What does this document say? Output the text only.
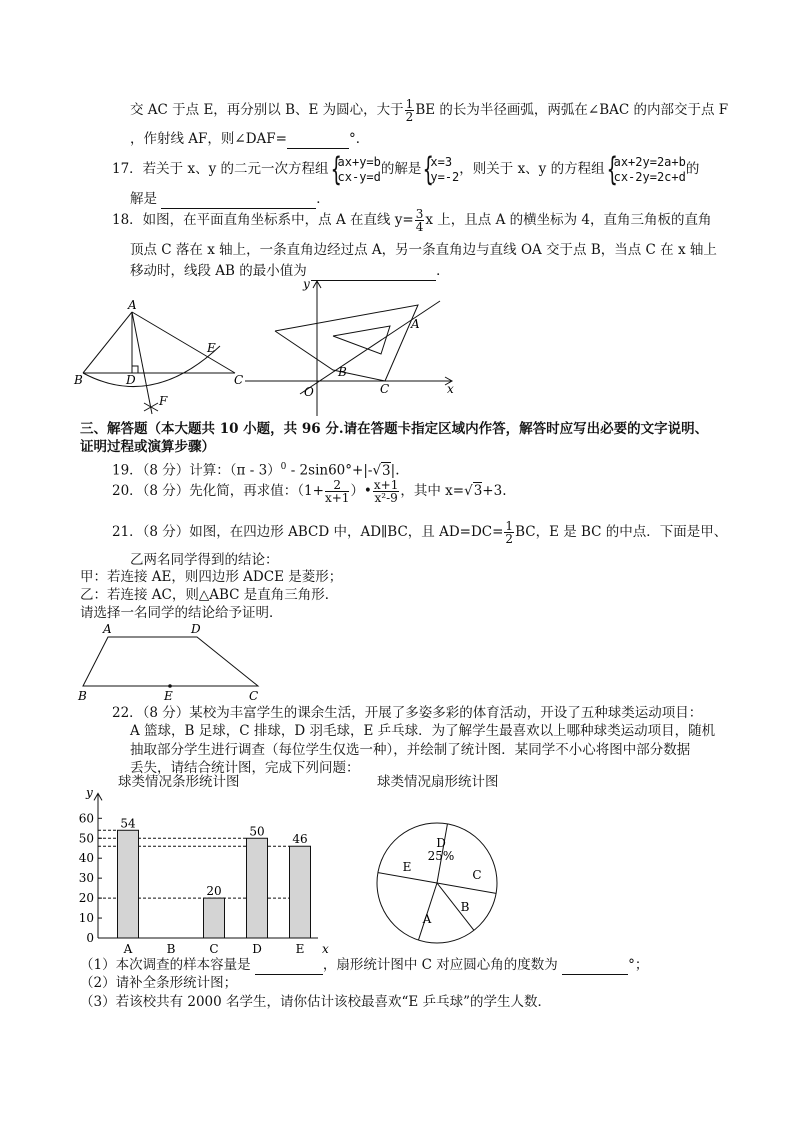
交 AC 于点 E，再分别以 B、E 为圆心，大于 $\frac{1}{2}$ BE 的长为半径画弧，两弧在∠BAC 的内部交于点 F
，作射线 AF，则∠DAF=	°．
17．若关于 x、y 的二元一次方程组 { ax+y=b
cx-y=d 的解是 { x=3
y=-2 ，则关于 x、y 的方程组 { ax+2y=2a+b
cx-2y=2c+d 的
解是	．
18．如图，在平面直角坐标系中，点 A 在直线 $y= \frac{3}{4}$ x 上，且点 A 的横坐标为 4，直角三角板的直角
顶点 C 落在 x 轴上，一条直角边经过点 A，另一条直角边与直线 OA 交于点 B，当点 C 在 x 轴上
移动时，线段 AB 的最小值为	．
A
B	C
D
E
F
y
x
O
A
B
C
三、解答题（本大题共 10 小题，共 96 分.请在答题卡指定区域内作答，解答时应写出必要的文字说明、
证明过程或演算步骤）
19．（8 分）计算：（π - 3）$^0$ - 2sin60°+|-√3|.
20．（8 分）先化简，再求值：（$1+ \frac{2}{x+1}$ ）• $\frac{x+1}{\text{x²-9}}$ ，其中 x=√3+3.
21．（8 分）如图，在四边形 ABCD 中，AD∥BC，且 $AD=DC= \frac{1}{2}$ BC，E 是 BC 的中点．下面是甲、
乙两名同学得到的结论：
甲：若连接 AE，则四边形 ADCE 是菱形；
乙：若连接 AC，则△ABC 是直角三角形．
请选择一名同学的结论给予证明．
A	D
B	E	C
22．（8 分）某校为丰富学生的课余生活，开展了多姿多彩的体育活动，开设了五种球类运动项目：
A 篮球，B 足球，C 排球，D 羽毛球，E 乒乓球．为了解学生最喜欢以上哪种球类运动项目，随机
抽取部分学生进行调查（每位学生仅选一种），并绘制了统计图．某同学不小心将图中部分数据
丢失，请结合统计图，完成下列问题：
球类情况条形统计图
y
x
0
10
20
30
40
50
60 54
A	B
20
C
50
D
46
E
球类情况扇形统计图
D
25%
C
B
A
E
（1）本次调查的样本容量是	，扇形统计图中 C 对应圆心角的度数为	°；
（2）请补全条形统计图；
（3）若该校共有 2000 名学生，请你估计该校最喜欢“E 乒乓球”的学生人数．
